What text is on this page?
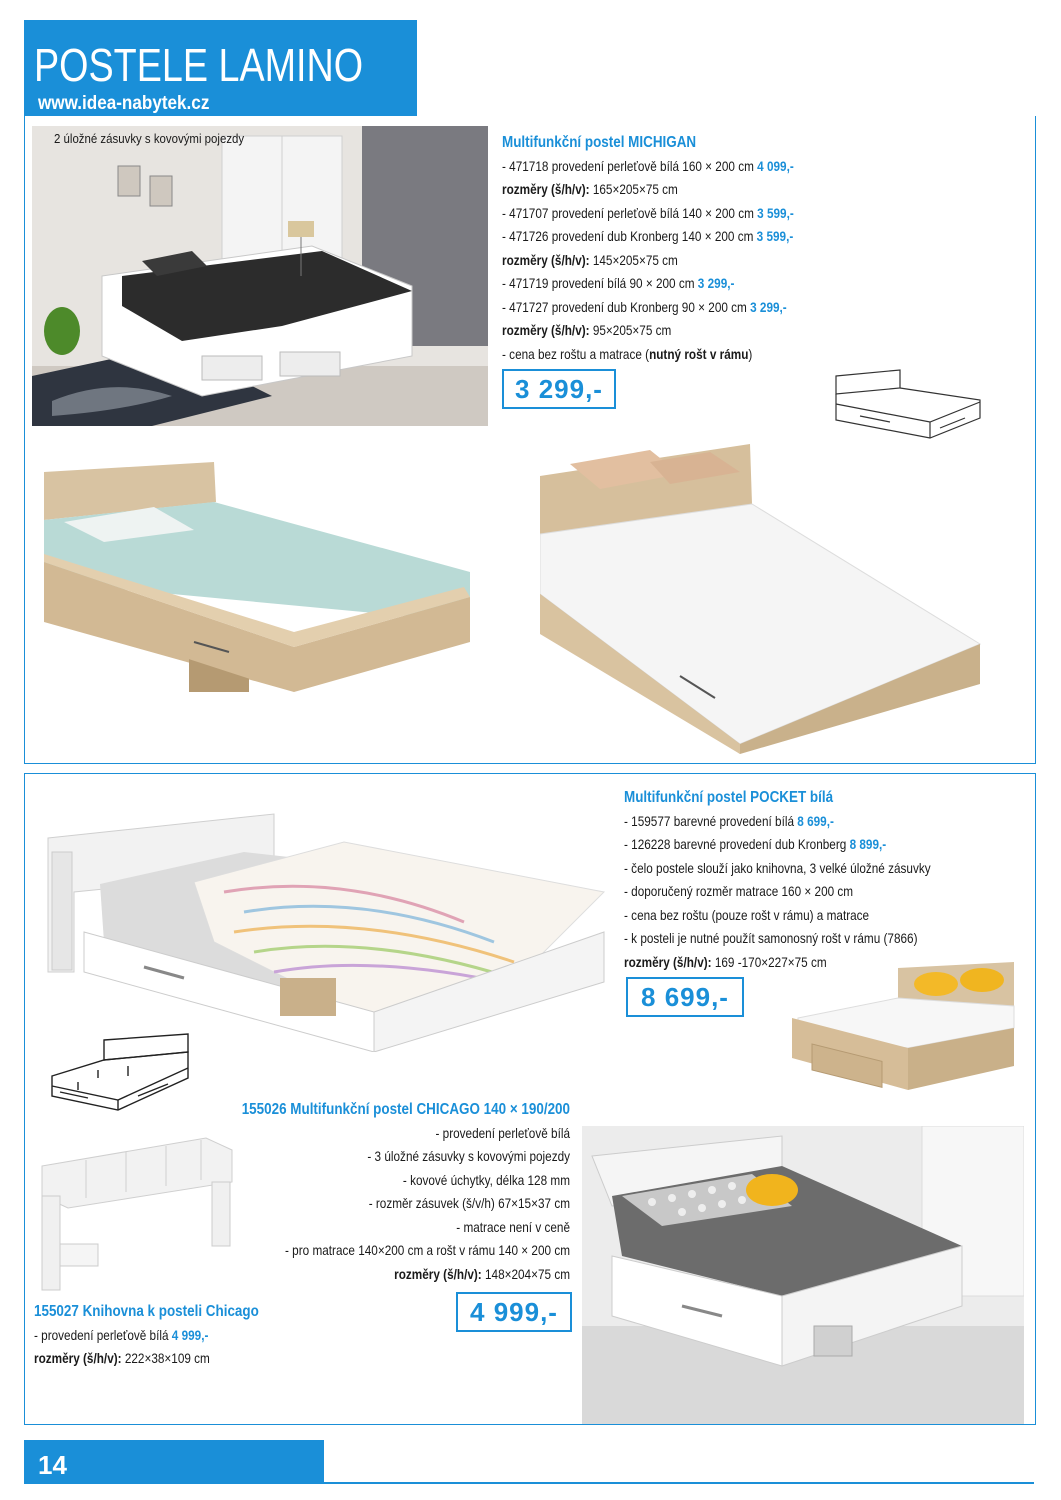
POSTELE LAMINO
www.idea-nabytek.cz
2 úložné zásuvky s kovovými pojezdy	Multifunkční postel MICHIGAN
- 471718 provedení perleťově bílá 160 × 200 cm 4 099,-
rozměry (š/h/v): 165×205×75 cm
- 471707 provedení perleťově bílá 140 × 200 cm 3 599,-
- 471726 provedení dub Kronberg 140 × 200 cm 3 599,-
rozměry (š/h/v): 145×205×75 cm
- 471719 provedení bílá 90 × 200 cm 3 299,-
- 471727 provedení dub Kronberg 90 × 200 cm 3 299,-
rozměry (š/h/v): 95×205×75 cm
- cena bez roštu a matrace (nutný rošt v rámu)
3 299,-
Multifunkční postel POCKET bílá
- 159577 barevné provedení bílá 8 699,-
- 126228 barevné provedení dub Kronberg 8 899,-
- čelo postele slouží jako knihovna, 3 velké úložné zásuvky
- doporučený rozměr matrace 160 × 200 cm
- cena bez roštu (pouze rošt v rámu) a matrace
- k posteli je nutné použít samonosný rošt v rámu (7866)
rozměry (š/h/v): 169 -170×227×75 cm
8 699,-
155026 Multifunkční postel CHICAGO 140 × 190/200
- provedení perleťově bílá
- 3 úložné zásuvky s kovovými pojezdy
- kovové úchytky, délka 128 mm
- rozměr zásuvek (š/v/h) 67×15×37 cm
- matrace není v ceně
- pro matrace 140×200 cm a rošt v rámu 140 × 200 cm
rozměry (š/h/v): 148×204×75 cm
4 999,-
155027 Knihovna k posteli Chicago
- provedení perleťově bílá 4 999,-
rozměry (š/h/v): 222×38×109 cm
14
